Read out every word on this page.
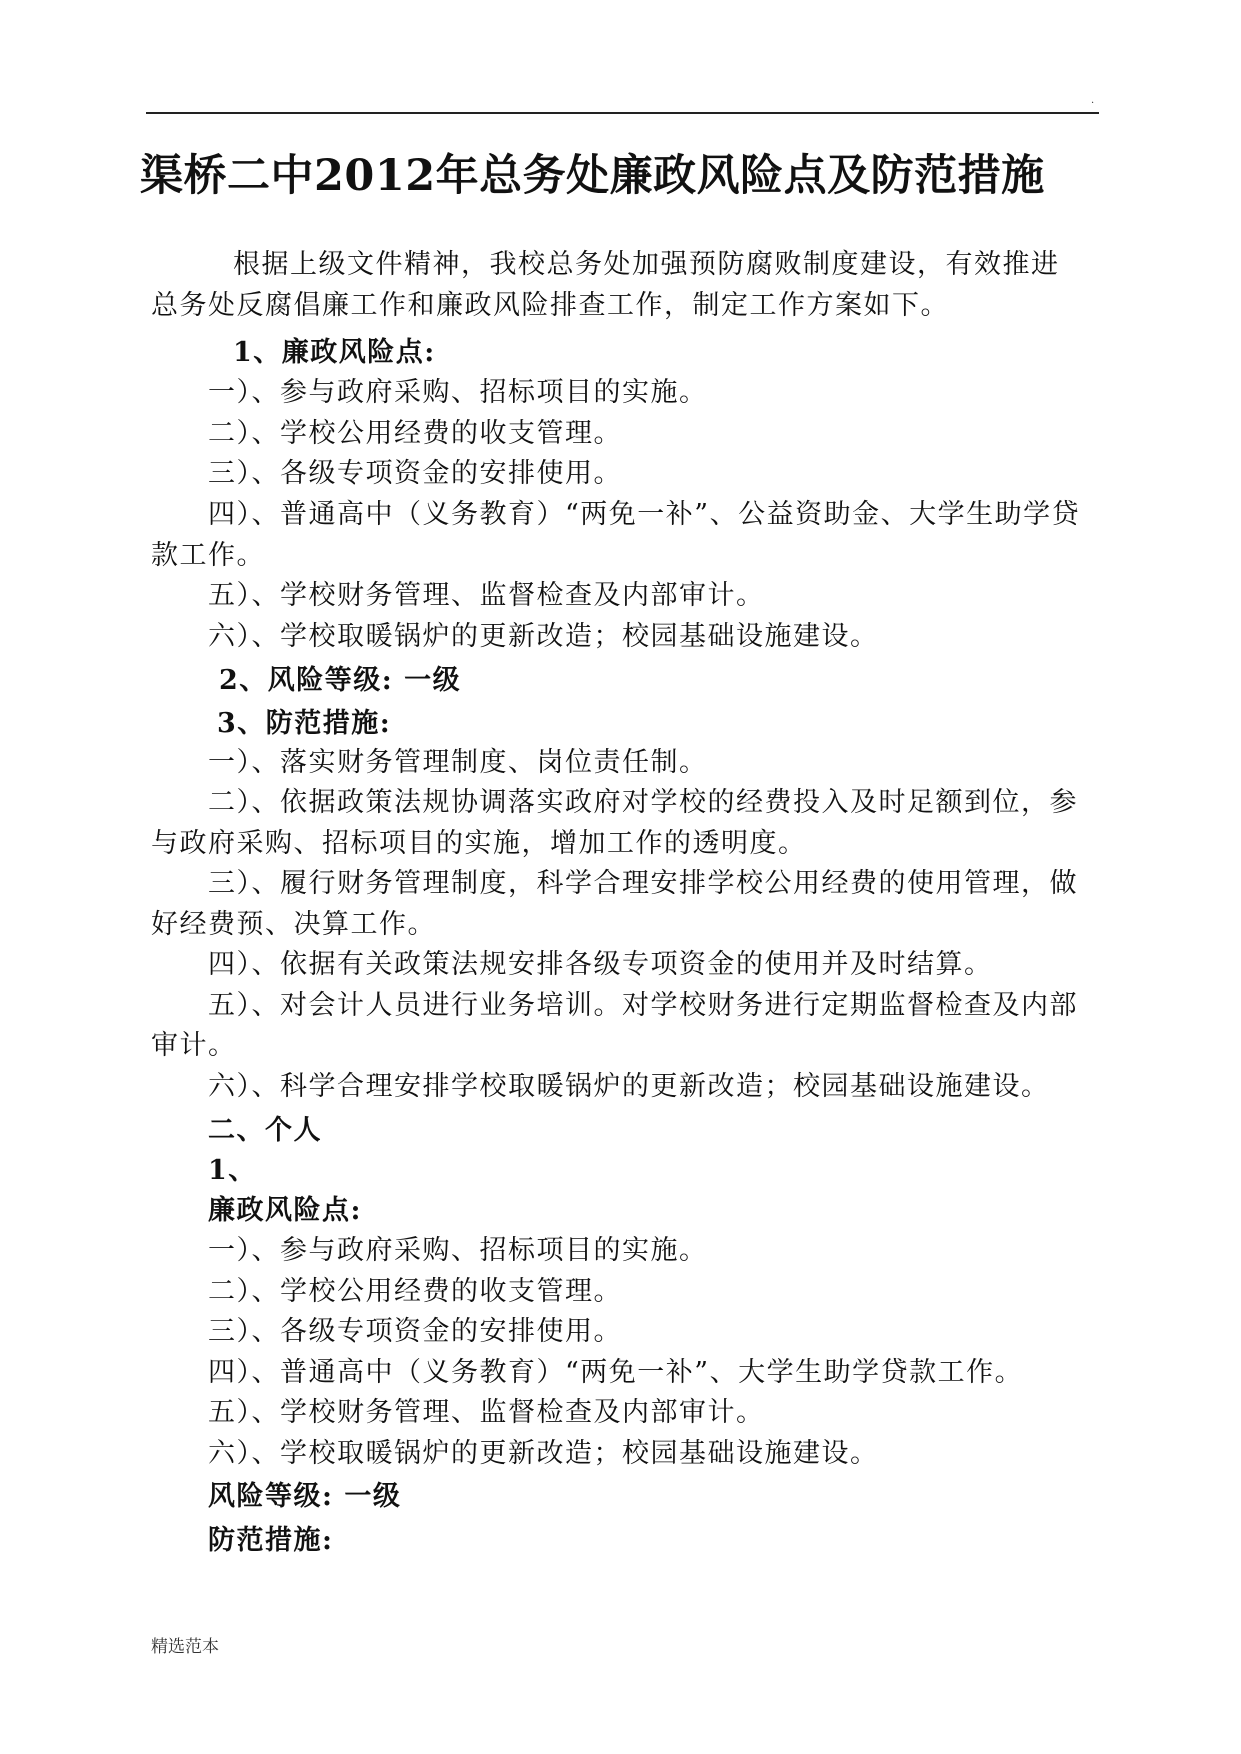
.
渠桥二中2012年总务处廉政风险点及防范措施
根据上级文件精神，我校总务处加强预防腐败制度建设，有效推进
总务处反腐倡廉工作和廉政风险排查工作，制定工作方案如下。
1、廉政风险点:
一）、参与政府采购、招标项目的实施。
二）、学校公用经费的收支管理。
三）、各级专项资金的安排使用。
四）、普通高中（义务教育）“两免一补”、公益资助金、大学生助学贷
款工作。
五）、学校财务管理、监督检查及内部审计。
六）、学校取暖锅炉的更新改造；校园基础设施建设。
2、风险等级: 一级
3、防范措施:
一）、落实财务管理制度、岗位责任制。
二）、依据政策法规协调落实政府对学校的经费投入及时足额到位，参
与政府采购、招标项目的实施，增加工作的透明度。
三）、履行财务管理制度，科学合理安排学校公用经费的使用管理，做
好经费预、决算工作。
四）、依据有关政策法规安排各级专项资金的使用并及时结算。
五）、对会计人员进行业务培训。对学校财务进行定期监督检查及内部
审计。
六）、科学合理安排学校取暖锅炉的更新改造；校园基础设施建设。
二、个人
1、
廉政风险点:
一）、参与政府采购、招标项目的实施。
二）、学校公用经费的收支管理。
三）、各级专项资金的安排使用。
四）、普通高中（义务教育）“两免一补”、大学生助学贷款工作。
五）、学校财务管理、监督检查及内部审计。
六）、学校取暖锅炉的更新改造；校园基础设施建设。
风险等级: 一级
防范措施:
精选范本
